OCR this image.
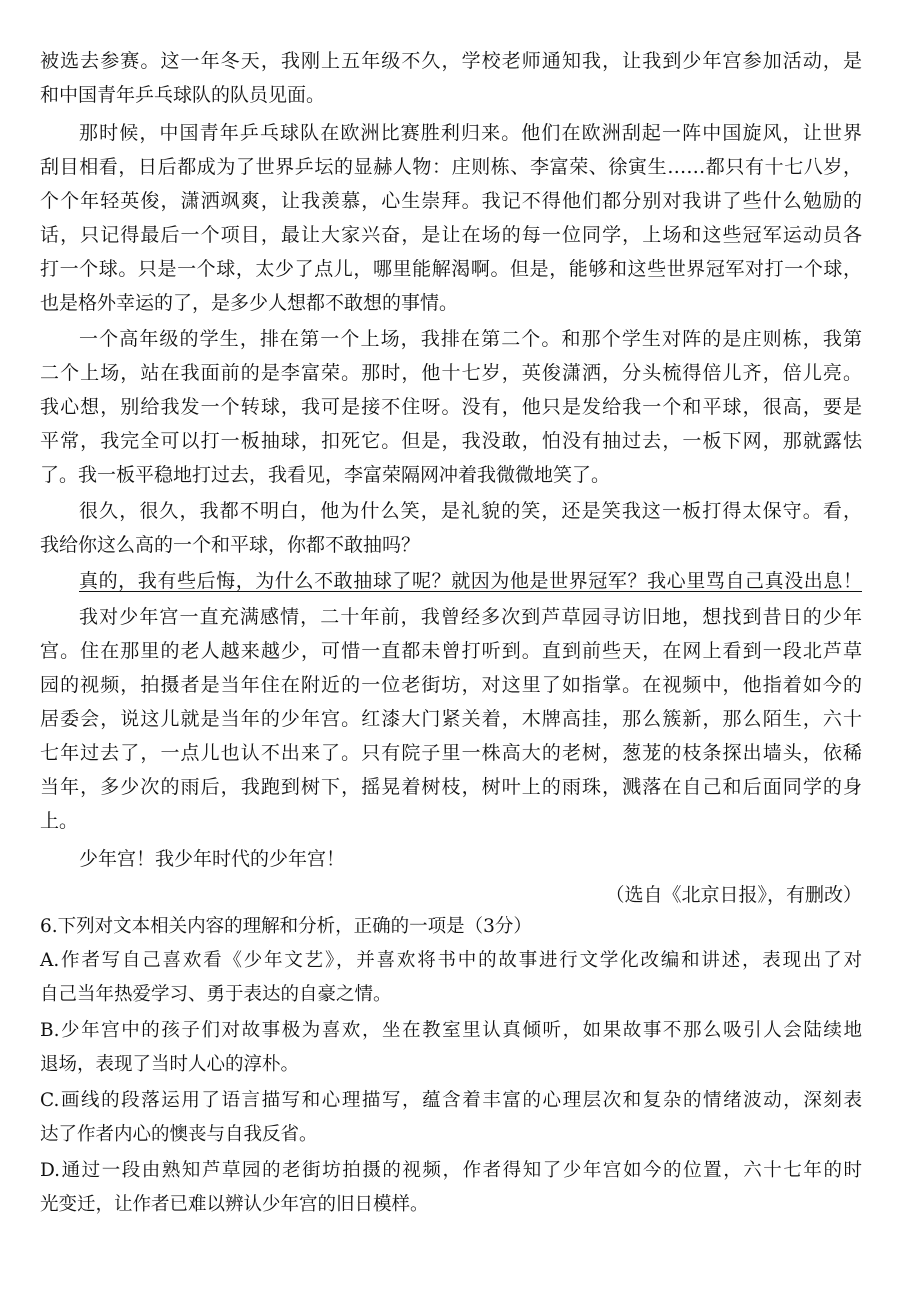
被选去参赛。这一年冬天，我刚上五年级不久，学校老师通知我，让我到少年宫参加活动，是
和中国青年乒乓球队的队员见面。
那时候，中国青年乒乓球队在欧洲比赛胜利归来。他们在欧洲刮起一阵中国旋风，让世界
刮目相看，日后都成为了世界乒坛的显赫人物：庄则栋、李富荣、徐寅生……都只有十七八岁，
个个年轻英俊，潇洒飒爽，让我羡慕，心生崇拜。我记不得他们都分别对我讲了些什么勉励的
话，只记得最后一个项目，最让大家兴奋，是让在场的每一位同学，上场和这些冠军运动员各
打一个球。只是一个球，太少了点儿，哪里能解渴啊。但是，能够和这些世界冠军对打一个球，
也是格外幸运的了，是多少人想都不敢想的事情。
一个高年级的学生，排在第一个上场，我排在第二个。和那个学生对阵的是庄则栋，我第
二个上场，站在我面前的是李富荣。那时，他十七岁，英俊潇洒，分头梳得倍儿齐，倍儿亮。
我心想，别给我发一个转球，我可是接不住呀。没有，他只是发给我一个和平球，很高，要是
平常，我完全可以打一板抽球，扣死它。但是，我没敢，怕没有抽过去，一板下网，那就露怯
了。我一板平稳地打过去，我看见，李富荣隔网冲着我微微地笑了。
很久，很久，我都不明白，他为什么笑，是礼貌的笑，还是笑我这一板打得太保守。看，
我给你这么高的一个和平球，你都不敢抽吗？
真的，我有些后悔，为什么不敢抽球了呢？就因为他是世界冠军？我心里骂自己真没出息！
我对少年宫一直充满感情，二十年前，我曾经多次到芦草园寻访旧地，想找到昔日的少年
宫。住在那里的老人越来越少，可惜一直都未曾打听到。直到前些天，在网上看到一段北芦草
园的视频，拍摄者是当年住在附近的一位老街坊，对这里了如指掌。在视频中，他指着如今的
居委会，说这儿就是当年的少年宫。红漆大门紧关着，木牌高挂，那么簇新，那么陌生，六十
七年过去了，一点儿也认不出来了。只有院子里一株高大的老树，葱茏的枝条探出墙头，依稀
当年，多少次的雨后，我跑到树下，摇晃着树枝，树叶上的雨珠，溅落在自己和后面同学的身
上。
少年宫！我少年时代的少年宫！
（选自《北京日报》，有删改）
6.下列对文本相关内容的理解和分析，正确的一项是（3分）
A.作者写自己喜欢看《少年文艺》，并喜欢将书中的故事进行文学化改编和讲述，表现出了对
自己当年热爱学习、勇于表达的自豪之情。
B.少年宫中的孩子们对故事极为喜欢，坐在教室里认真倾听，如果故事不那么吸引人会陆续地
退场，表现了当时人心的淳朴。
C.画线的段落运用了语言描写和心理描写，蕴含着丰富的心理层次和复杂的情绪波动，深刻表
达了作者内心的懊丧与自我反省。
D.通过一段由熟知芦草园的老街坊拍摄的视频，作者得知了少年宫如今的位置，六十七年的时
光变迁，让作者已难以辨认少年宫的旧日模样。
